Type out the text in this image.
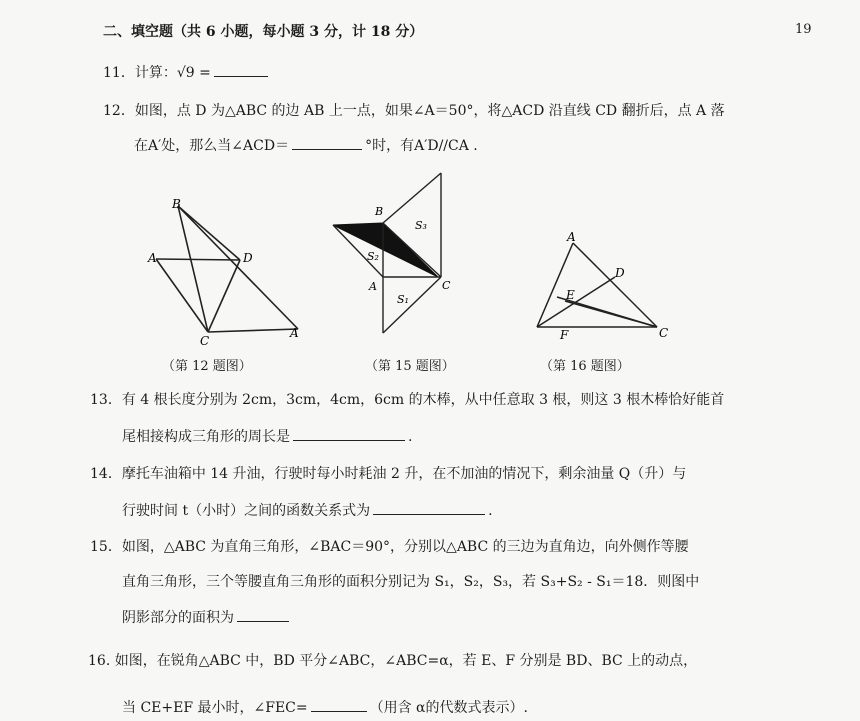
二、填空题（共 6 小题，每小题 3 分，计 18 分）	19
11．计算：√9 =
12．如图，点 D 为△ABC 的边 AB 上一点，如果∠A＝50°，将△ACD 沿直线 CD 翻折后，点 A 落
在A′处，那么当∠ACD＝	°时，有A′D//CA .
B
A	D
C
A
（第 12 题图）
B
S₃
S₂
A	C
S₁
（第 15 题图）
A
D
E
F	C
（第 16 题图）
13．有 4 根长度分别为 2cm，3cm，4cm，6cm 的木棒，从中任意取 3 根，则这 3 根木棒恰好能首
尾相接构成三角形的周长是	.
14．摩托车油箱中 14 升油，行驶时每小时耗油 2 升，在不加油的情况下，剩余油量 Q（升）与
行驶时间 t（小时）之间的函数关系式为	.
15．如图，△ABC 为直角三角形，∠BAC＝90°，分别以△ABC 的三边为直角边，向外侧作等腰
直角三角形，三个等腰直角三角形的面积分别记为 S₁，S₂，S₃，若 S₃+S₂ - S₁＝18．则图中
阴影部分的面积为
16. 如图，在锐角△ABC 中，BD 平分∠ABC，∠ABC=α，若 E、F 分别是 BD、BC 上的动点，
当 CE+EF 最小时，∠FEC=	（用含 α的代数式表示）.
